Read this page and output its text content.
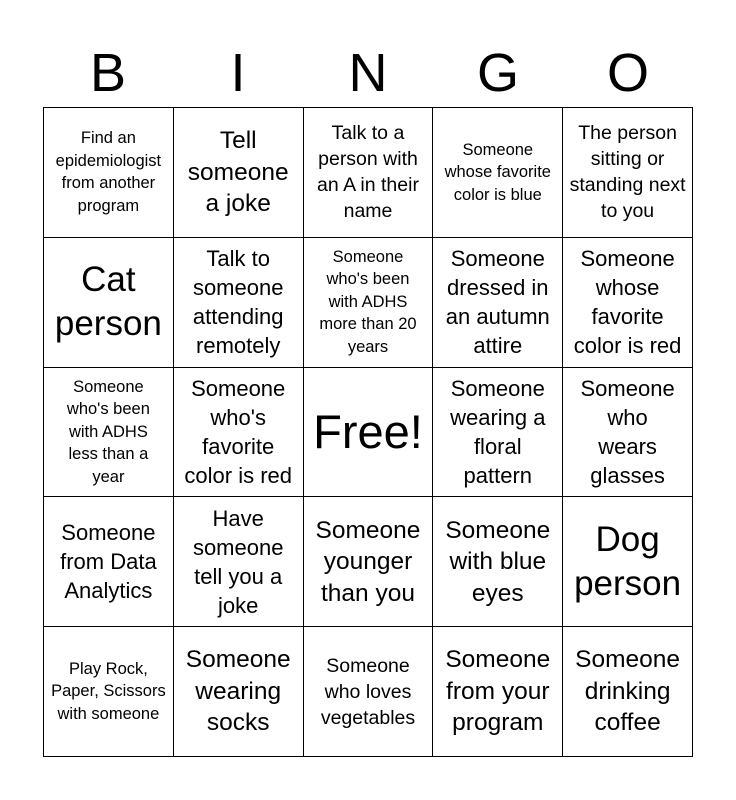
B	I	N	G	O
Find an epidemiologist from another program
Tell someone a joke
Talk to a person with an A in their name
Someone whose favorite color is blue
The person sitting or standing next to you
Cat person
Talk to someone attending remotely
Someone who's been with ADHS more than 20 years
Someone dressed in an autumn attire
Someone whose favorite color is red
Someone who's been with ADHS less than a year
Someone who's favorite color is red
Free!
Someone wearing a floral pattern
Someone who wears glasses
Someone from Data Analytics
Have someone tell you a joke
Someone younger than you
Someone with blue eyes
Dog person
Play Rock, Paper, Scissors with someone
Someone wearing socks
Someone who loves vegetables
Someone from your program
Someone drinking coffee
